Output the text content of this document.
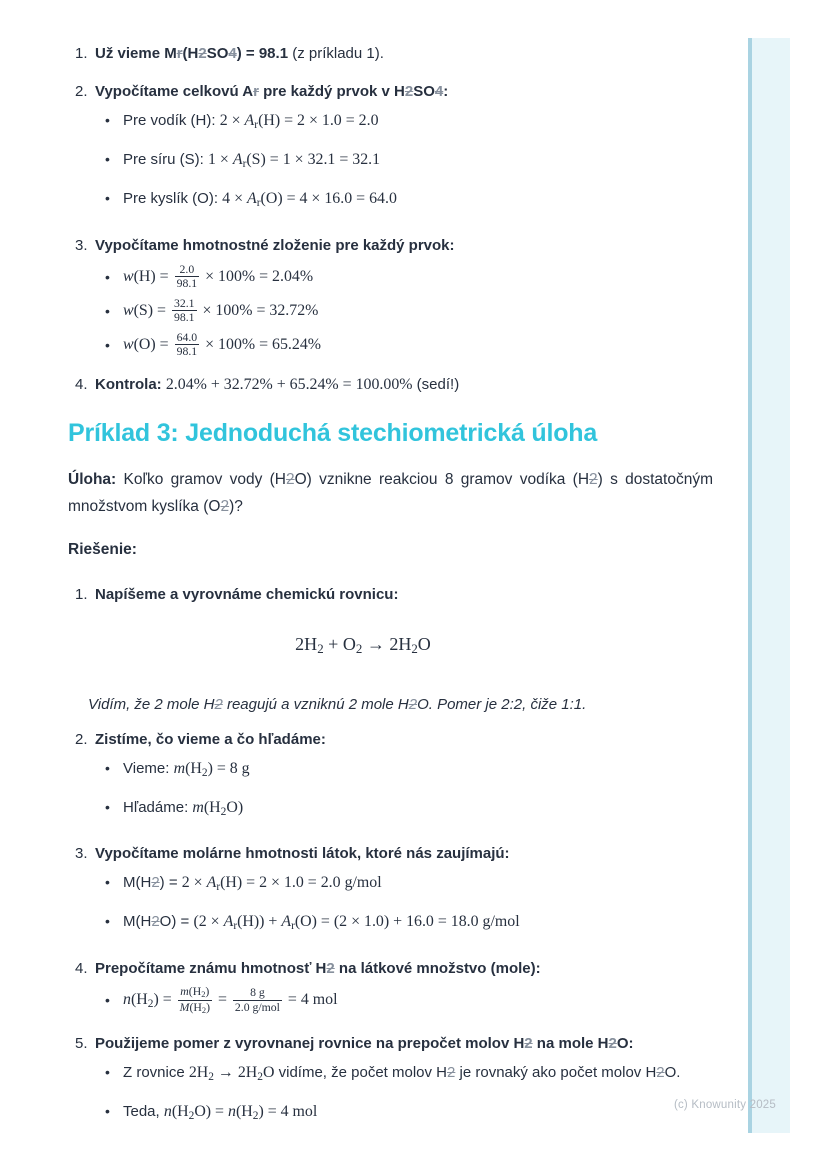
1. Už vieme Mr(H2SO4) = 98.1 (z príkladu 1).
2. Vypočítame celkovú Ar pre každý prvok v H2SO4:
• Pre vodík (H): 2 × Ar(H) = 2 × 1.0 = 2.0
• Pre síru (S): 1 × Ar(S) = 1 × 32.1 = 32.1
• Pre kyslík (O): 4 × Ar(O) = 4 × 16.0 = 64.0
3. Vypočítame hmotnostné zloženie pre každý prvok:
• $w(H) = \frac{2.0}{98.1} \times 100\% = 2.04\%$
• $w(S) = \frac{32.1}{98.1} \times 100\% = 32.72\%$
• $w(O) = \frac{64.0}{98.1} \times 100\% = 65.24\%$
4. Kontrola: 2.04% + 32.72% + 65.24% = 100.00% (sedí!)
Príklad 3: Jednoduchá stechiometrická úloha
Úloha: Koľko gramov vody (H2O) vznikne reakciou 8 gramov vodíka (H2) s dostatočným množstvom kyslíka (O2)?
Riešenie:
1. Napíšeme a vyrovnáme chemickú rovnicu:
2H2 + O2 → 2H2O
Vidím, že 2 mole H2 reagujú a vzniknú 2 mole H2O. Pomer je 2:2, čiže 1:1.
2. Zistíme, čo vieme a čo hľadáme:
• Vieme: m(H2) = 8 g
• Hľadáme: m(H2O)
3. Vypočítame molárne hmotnosti látok, ktoré nás zaujímajú:
• M(H2) = 2 × Ar(H) = 2 × 1.0 = 2.0 g/mol
• M(H2O) = (2 × Ar(H)) + Ar(O) = (2 × 1.0) + 16.0 = 18.0 g/mol
4. Prepočítame známu hmotnosť H2 na látkové množstvo (mole):
• $n(H2) = \frac{m(H2)}{M(H2)} = \frac{8 g}{\text{2.0 g/mol}} = 4$ mol
5. Použijeme pomer z vyrovnanej rovnice na prepočet molov H2 na mole H2O:
• Z rovnice 2H2 → 2H2O vidíme, že počet molov H2 je rovnaký ako počet molov H2O.
• Teda, n(H2O) = n(H2) = 4 mol	(c) Knowunity 2025
